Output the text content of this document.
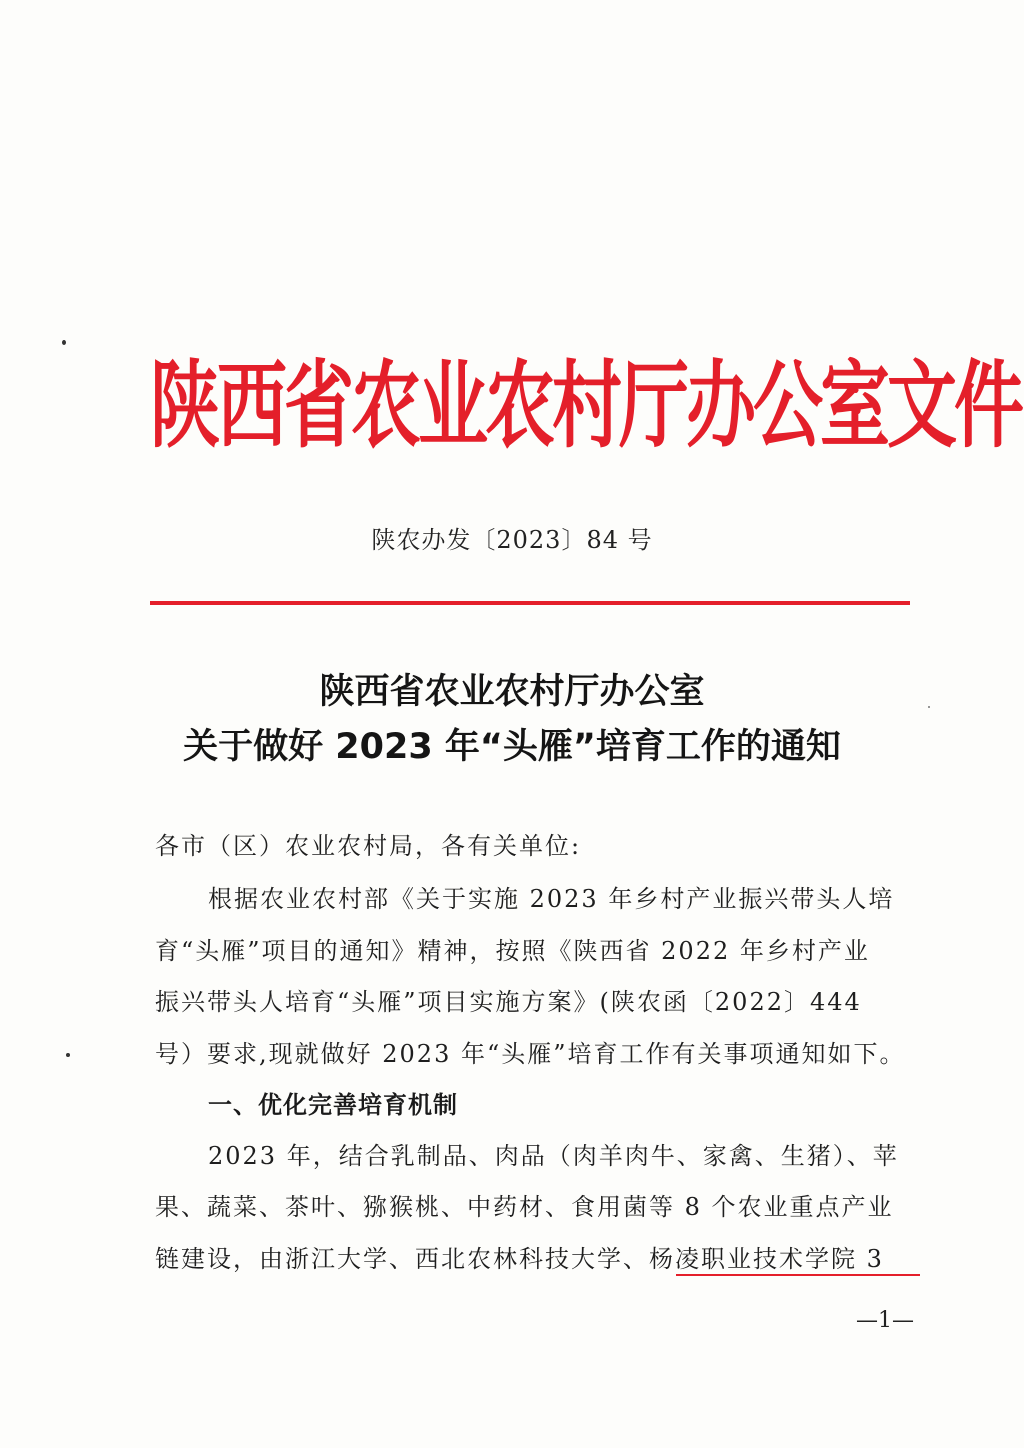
陕西省农业农村厅办公室文件
陕农办发〔2023〕84 号
陕西省农业农村厅办公室
关于做好 2023 年“头雁”培育工作的通知
各市（区）农业农村局，各有关单位:
根据农业农村部《关于实施 2023 年乡村产业振兴带头人培
育“头雁”项目的通知》精神，按照《陕西省 2022 年乡村产业
振兴带头人培育“头雁”项目实施方案》(陕农函〔2022〕444
号）要求,现就做好 2023 年“头雁”培育工作有关事项通知如下。
一、优化完善培育机制
2023 年，结合乳制品、肉品（肉羊肉牛、家禽、生猪）、苹
果、蔬菜、茶叶、猕猴桃、中药材、食用菌等 8 个农业重点产业
链建设，由浙江大学、西北农林科技大学、杨凌职业技术学院 3
—1—
